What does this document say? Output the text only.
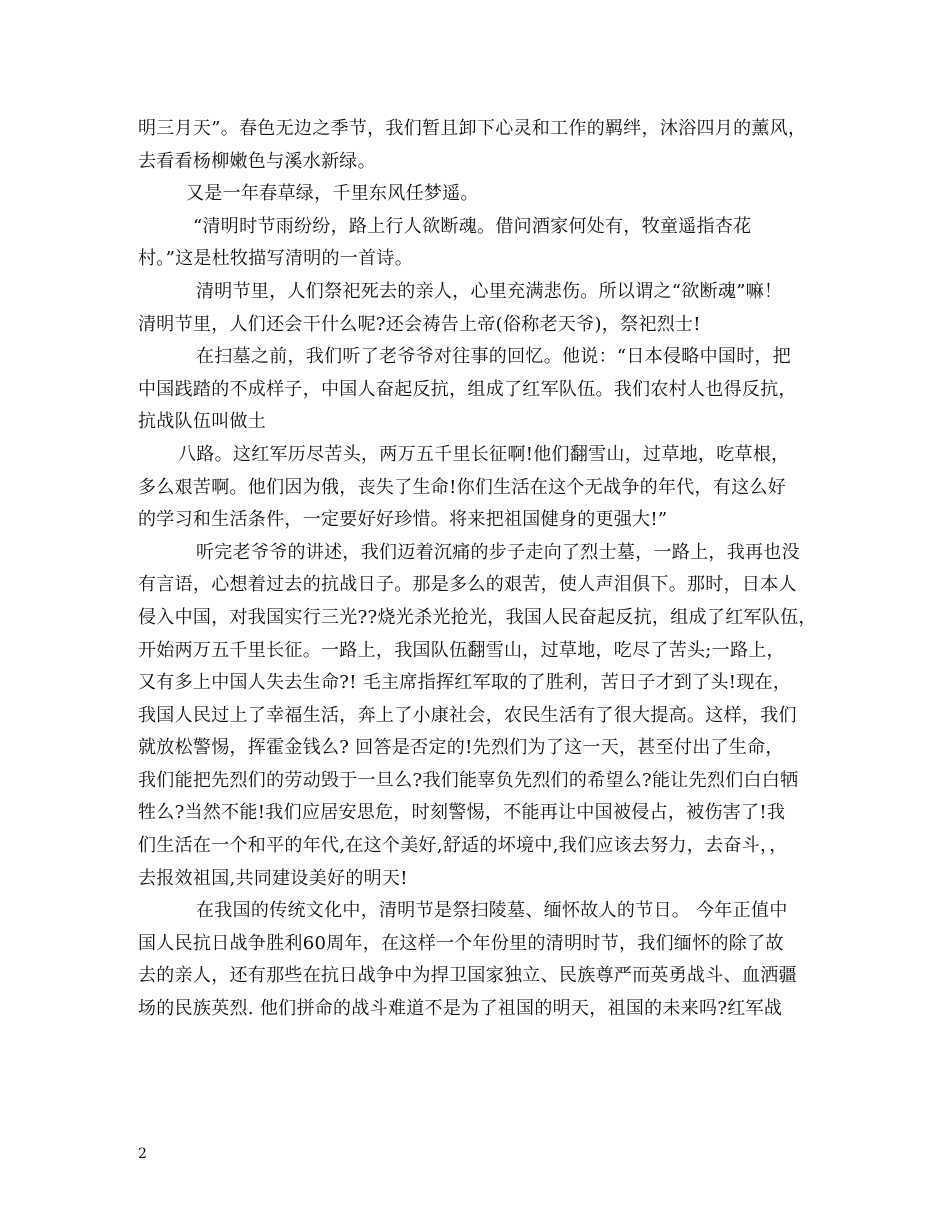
明三月天”。春色无边之季节，我们暂且卸下心灵和工作的羁绊，沐浴四月的薰风，
去看看杨柳嫩色与溪水新绿。
又是一年春草绿，千里东风任梦遥。
“清明时节雨纷纷，路上行人欲断魂。借问酒家何处有，牧童遥指杏花
村。”这是杜牧描写清明的一首诗。
清明节里，人们祭祀死去的亲人，心里充满悲伤。所以谓之“欲断魂”嘛！
清明节里，人们还会干什么呢?还会祷告上帝(俗称老天爷)，祭祀烈士!
在扫墓之前，我们听了老爷爷对往事的回忆。他说：“日本侵略中国时，把
中国践踏的不成样子，中国人奋起反抗，组成了红军队伍。我们农村人也得反抗，
抗战队伍叫做土
八路。这红军历尽苦头，两万五千里长征啊!他们翻雪山，过草地，吃草根，
多么艰苦啊。他们因为俄，丧失了生命!你们生活在这个无战争的年代，有这么好
的学习和生活条件，一定要好好珍惜。将来把祖国健身的更强大!”
听完老爷爷的讲述，我们迈着沉痛的步子走向了烈士墓，一路上，我再也没
有言语，心想着过去的抗战日子。那是多么的艰苦，使人声泪俱下。那时，日本人
侵入中国，对我国实行三光??烧光杀光抢光，我国人民奋起反抗，组成了红军队伍，
开始两万五千里长征。一路上，我国队伍翻雪山，过草地，吃尽了苦头;一路上，
又有多上中国人失去生命?! 毛主席指挥红军取的了胜利，苦日子才到了头!现在，
我国人民过上了幸福生活，奔上了小康社会，农民生活有了很大提高。这样，我们
就放松警惕，挥霍金钱么? 回答是否定的!先烈们为了这一天，甚至付出了生命，
我们能把先烈们的劳动毁于一旦么?我们能辜负先烈们的希望么?能让先烈们白白牺
牲么?当然不能!我们应居安思危，时刻警惕，不能再让中国被侵占，被伤害了!我
们生活在一个和平的年代,在这个美好,舒适的坏境中,我们应该去努力，去奋斗，，
去报效祖国,共同建设美好的明天!
在我国的传统文化中，清明节是祭扫陵墓、缅怀故人的节日。 今年正值中
国人民抗日战争胜利60周年，在这样一个年份里的清明时节，我们缅怀的除了故
去的亲人，还有那些在抗日战争中为捍卫国家独立、民族尊严而英勇战斗、血洒疆
场的民族英烈. 他们拼命的战斗难道不是为了祖国的明天，祖国的未来吗?红军战
2
